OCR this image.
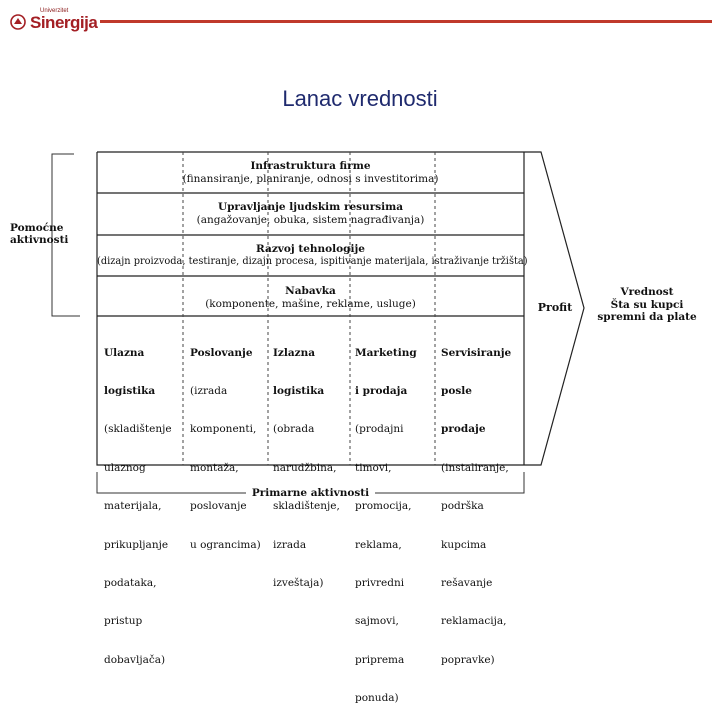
Univerzitet
Sinergija
Lanac vrednosti
Pomoćne
aktivnosti
Infrastruktura firme
(finansiranje, planiranje, odnosi s investitorima)
Upravljanje ljudskim resursima
(angažovanje, obuka, sistem nagrađivanja)
Razvoj tehnologije
(dizajn proizvoda, testiranje, dizajn procesa, ispitivanje materijala, istraživanje tržišta)
Nabavka
(komponente, mašine, reklame, usluge)

Ulazna

logistika

(skladištenje

ulaznog

materijala,

prikupljanje

podataka,

pristup

dobavljača)

Poslovanje

(izrada

komponenti,

montaža,

poslovanje

u ograncima)

Izlazna

logistika

(obrada

narudžbina,

skladištenje,

izrada

izveštaja)

Marketing

i prodaja

(prodajni

timovi,

promocija,

reklama,

privredni

sajmovi,

priprema

ponuda)

Servisiranje

posle

prodaje

(instaliranje,

podrška

kupcima

rešavanje

reklamacija,

popravke)

Primarne aktivnosti
Profit
Vrednost
Šta su kupci
spremni da plate
